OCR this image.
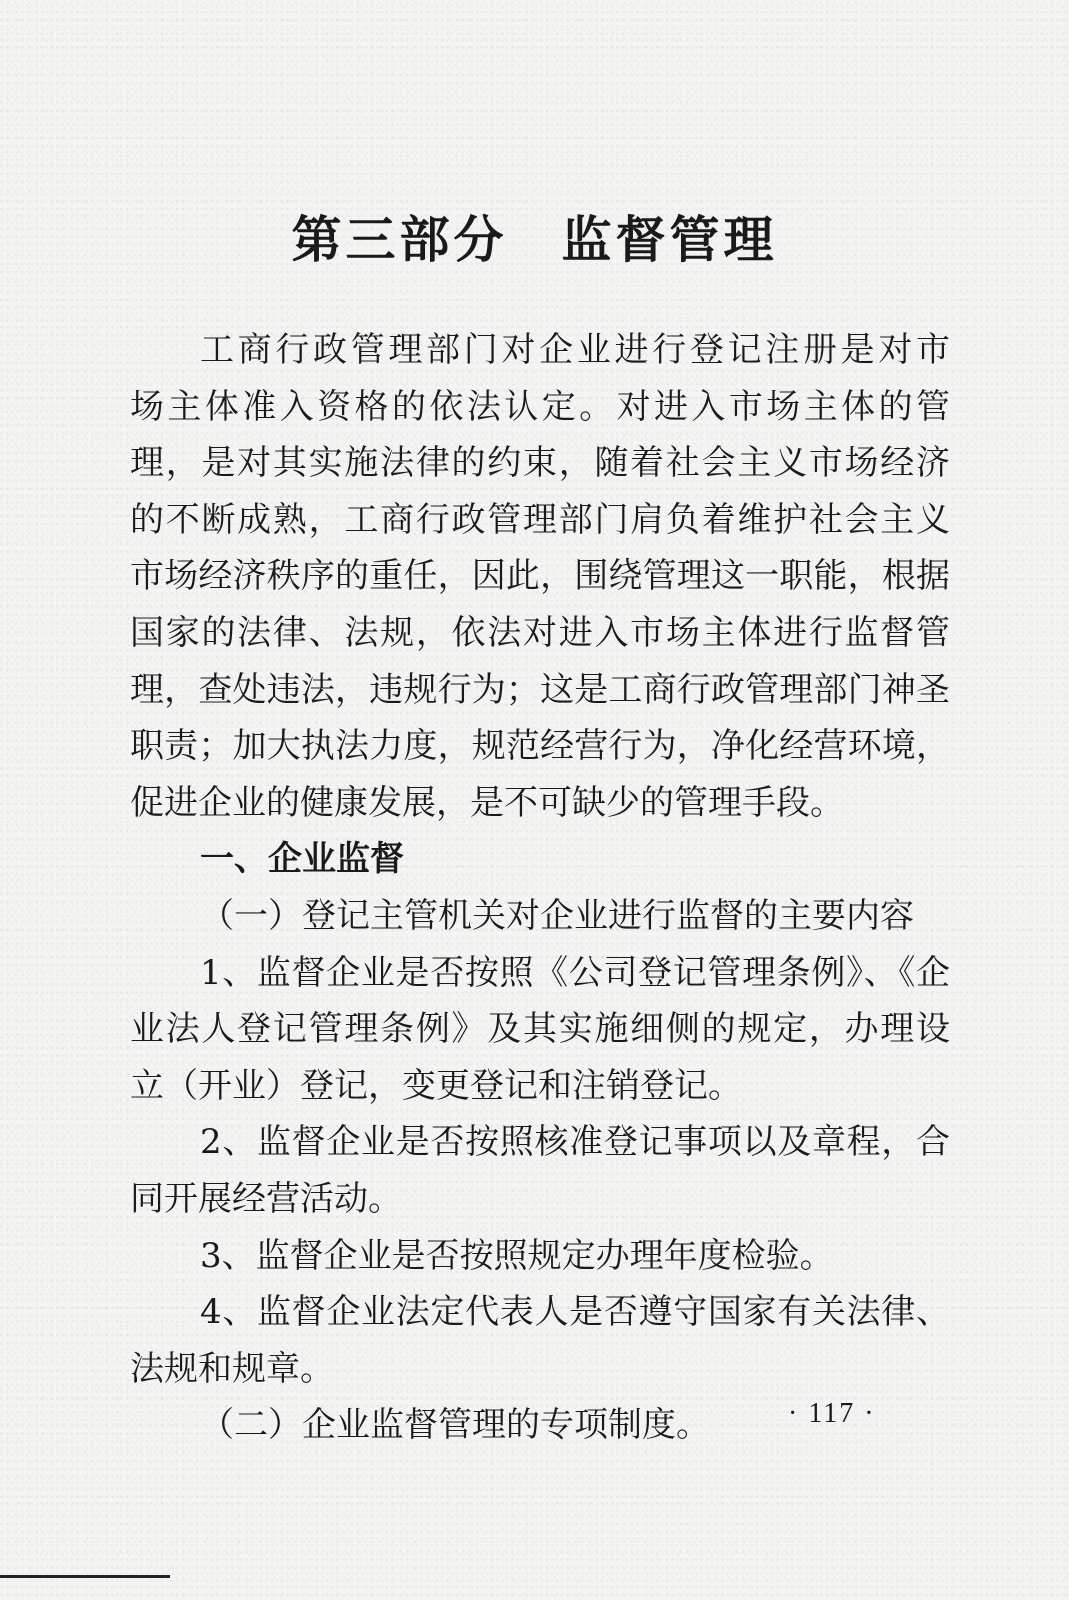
第三部分　监督管理
工商行政管理部门对企业进行登记注册是对市
场主体准入资格的依法认定。对进入市场主体的管
理，是对其实施法律的约束，随着社会主义市场经济
的不断成熟，工商行政管理部门肩负着维护社会主义
市场经济秩序的重任，因此，围绕管理这一职能，根据
国家的法律、法规，依法对进入市场主体进行监督管
理，查处违法，违规行为；这是工商行政管理部门神圣
职责；加大执法力度，规范经营行为，净化经营环境，
促进企业的健康发展，是不可缺少的管理手段。
一、企业监督
（一）登记主管机关对企业进行监督的主要内容
1、监督企业是否按照《公司登记管理条例》、《企
业法人登记管理条例》及其实施细侧的规定，办理设
立（开业）登记，变更登记和注销登记。
2、监督企业是否按照核准登记事项以及章程，合
同开展经营活动。
3、监督企业是否按照规定办理年度检验。
4、监督企业法定代表人是否遵守国家有关法律、
法规和规章。
（二）企业监督管理的专项制度。	· 117 ·
